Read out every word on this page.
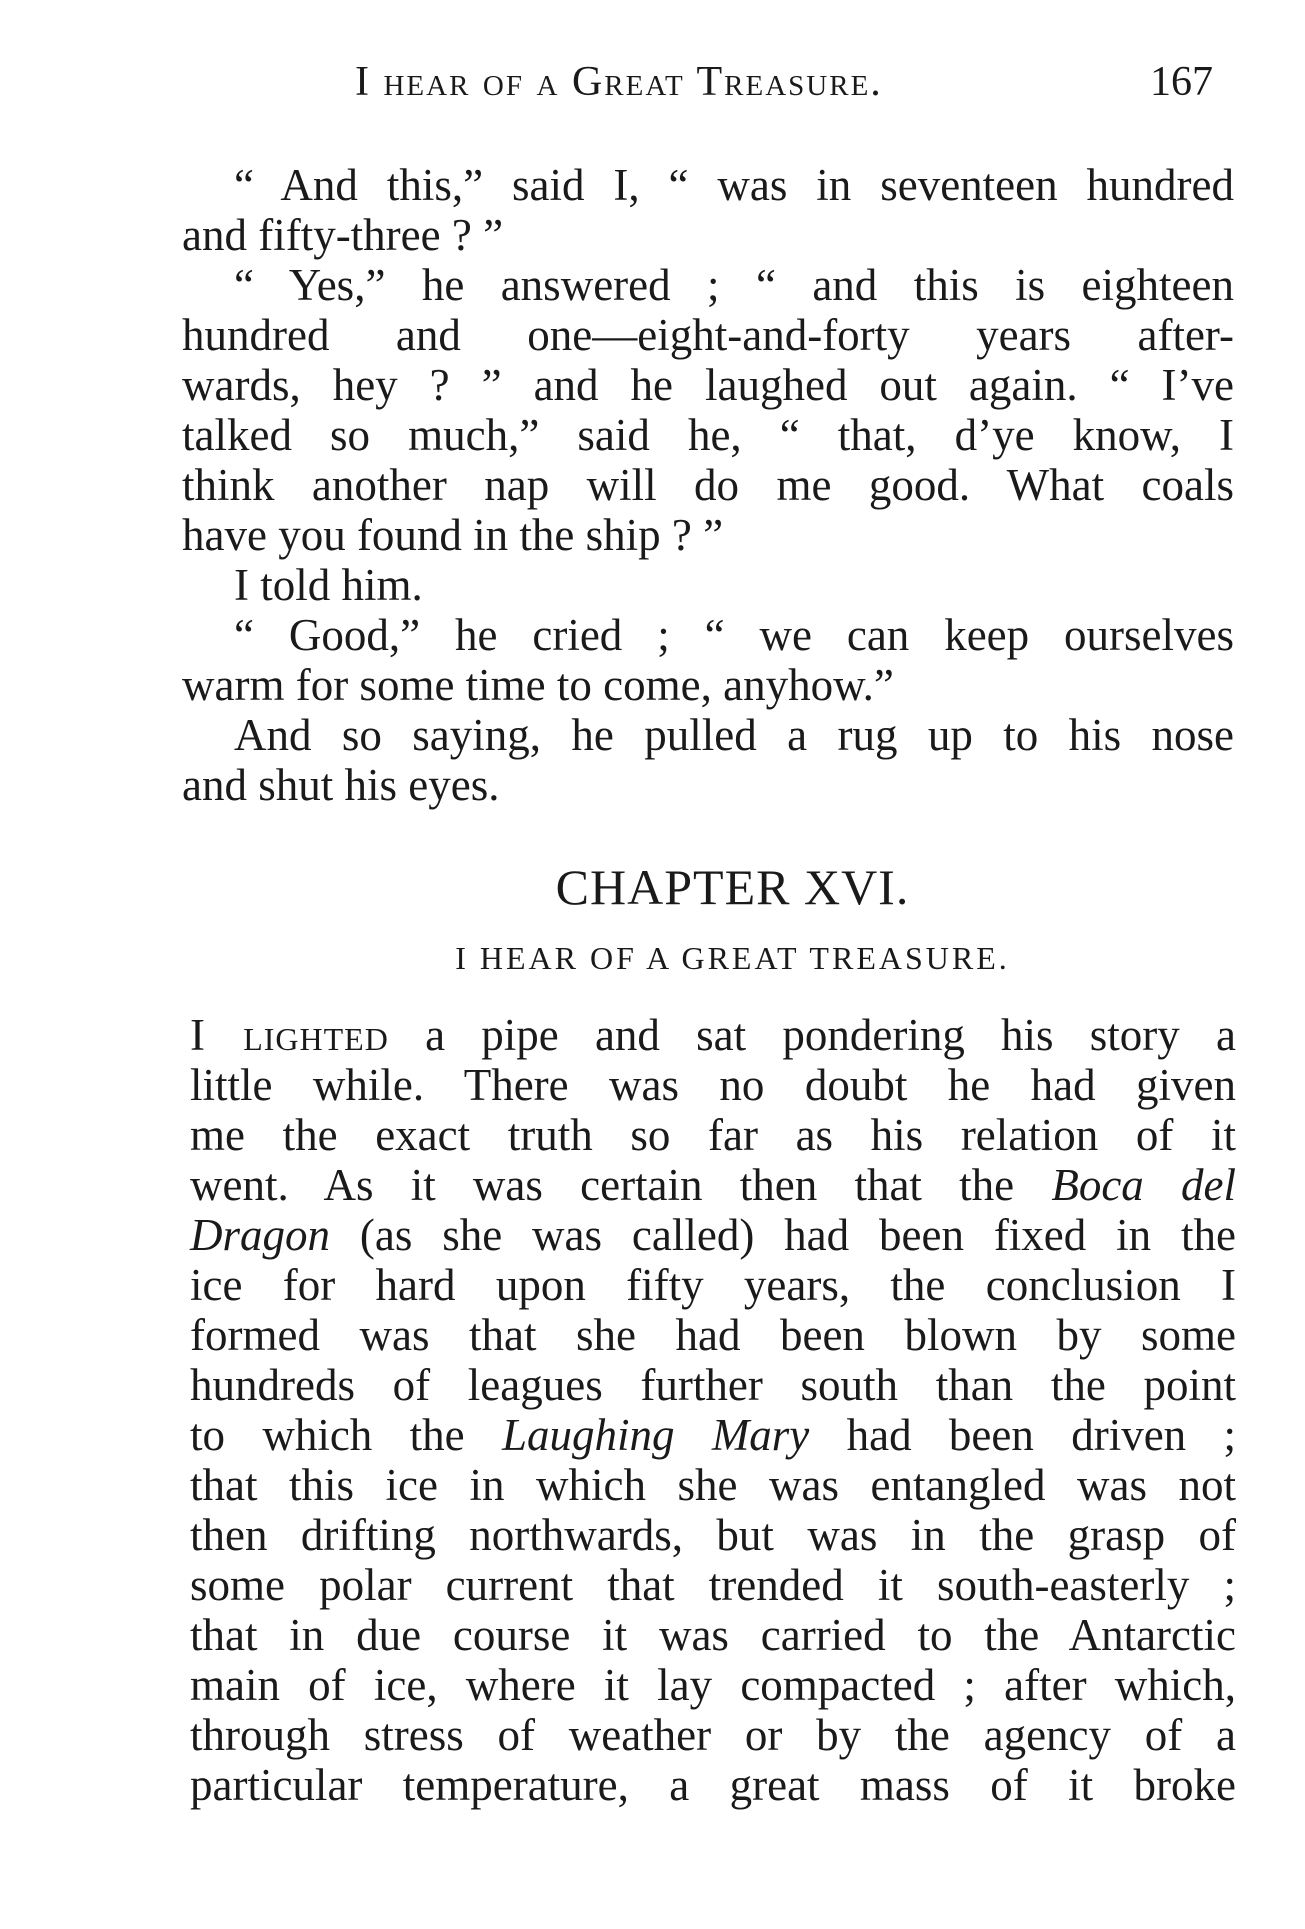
I hear of a Great Treasure.	167
“ And this,” said I, “ was in seventeen hundred
and fifty-three ? ”
“ Yes,” he answered ; “ and this is eighteen
hundred and one—eight-and-forty years after-
wards, hey ? ” and he laughed out again. “ I’ve
talked so much,” said he, “ that, d’ye know, I
think another nap will do me good. What coals
have you found in the ship ? ”
I told him.
“ Good,” he cried ; “ we can keep ourselves
warm for some time to come, anyhow.”
And so saying, he pulled a rug up to his nose
and shut his eyes.
CHAPTER XVI.
I HEAR OF A GREAT TREASURE.
I lighted a pipe and sat pondering his story a
little while. There was no doubt he had given
me the exact truth so far as his relation of it
went. As it was certain then that the Boca del
Dragon (as she was called) had been fixed in the
ice for hard upon fifty years, the conclusion I
formed was that she had been blown by some
hundreds of leagues further south than the point
to which the Laughing Mary had been driven ;
that this ice in which she was entangled was not
then drifting northwards, but was in the grasp of
some polar current that trended it south-easterly ;
that in due course it was carried to the Antarctic
main of ice, where it lay compacted ; after which,
through stress of weather or by the agency of a
particular temperature, a great mass of it broke
